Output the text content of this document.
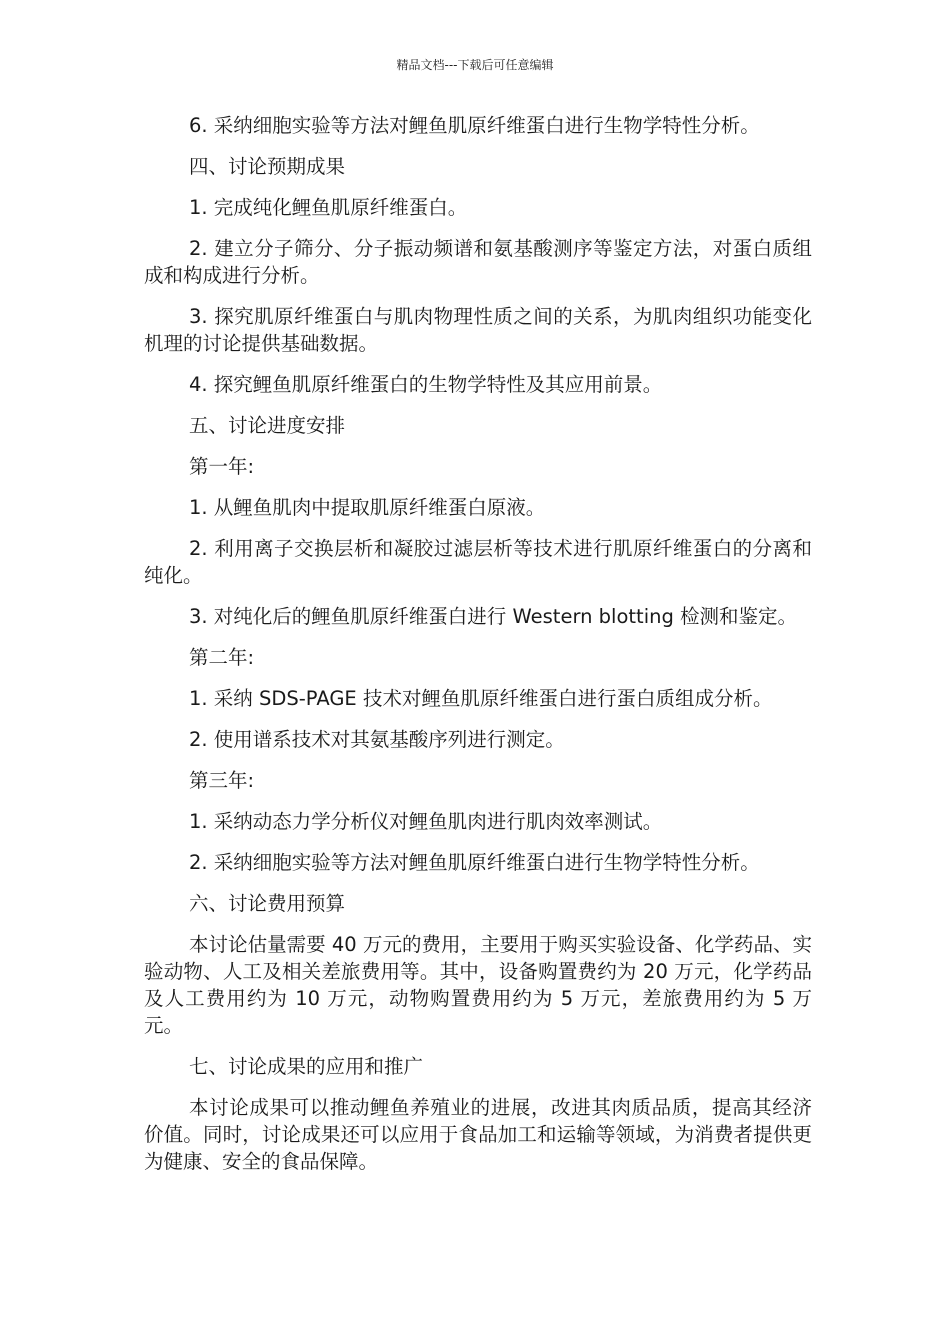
精品文档---下载后可任意编辑

6. 采纳细胞实验等方法对鲤鱼肌原纤维蛋白进行生物学特性分析。

四、讨论预期成果

1. 完成纯化鲤鱼肌原纤维蛋白。

2. 建立分子筛分、分子振动频谱和氨基酸测序等鉴定方法，对蛋白质组成和构成进行分析。

3. 探究肌原纤维蛋白与肌肉物理性质之间的关系，为肌肉组织功能变化机理的讨论提供基础数据。

4. 探究鲤鱼肌原纤维蛋白的生物学特性及其应用前景。

五、讨论进度安排

第一年:

1. 从鲤鱼肌肉中提取肌原纤维蛋白原液。

2. 利用离子交换层析和凝胶过滤层析等技术进行肌原纤维蛋白的分离和纯化。

3. 对纯化后的鲤鱼肌原纤维蛋白进行 Western blotting 检测和鉴定。

第二年:

1. 采纳 SDS-PAGE 技术对鲤鱼肌原纤维蛋白进行蛋白质组成分析。

2. 使用谱系技术对其氨基酸序列进行测定。

第三年:

1. 采纳动态力学分析仪对鲤鱼肌肉进行肌肉效率测试。

2. 采纳细胞实验等方法对鲤鱼肌原纤维蛋白进行生物学特性分析。

六、讨论费用预算

本讨论估量需要 40 万元的费用，主要用于购买实验设备、化学药品、实验动物、人工及相关差旅费用等。其中，设备购置费约为 20 万元，化学药品及人工费用约为 10 万元，动物购置费用约为 5 万元，差旅费用约为 5 万元。

七、讨论成果的应用和推广

本讨论成果可以推动鲤鱼养殖业的进展，改进其肉质品质，提高其经济价值。同时，讨论成果还可以应用于食品加工和运输等领域，为消费者提供更为健康、安全的食品保障。
